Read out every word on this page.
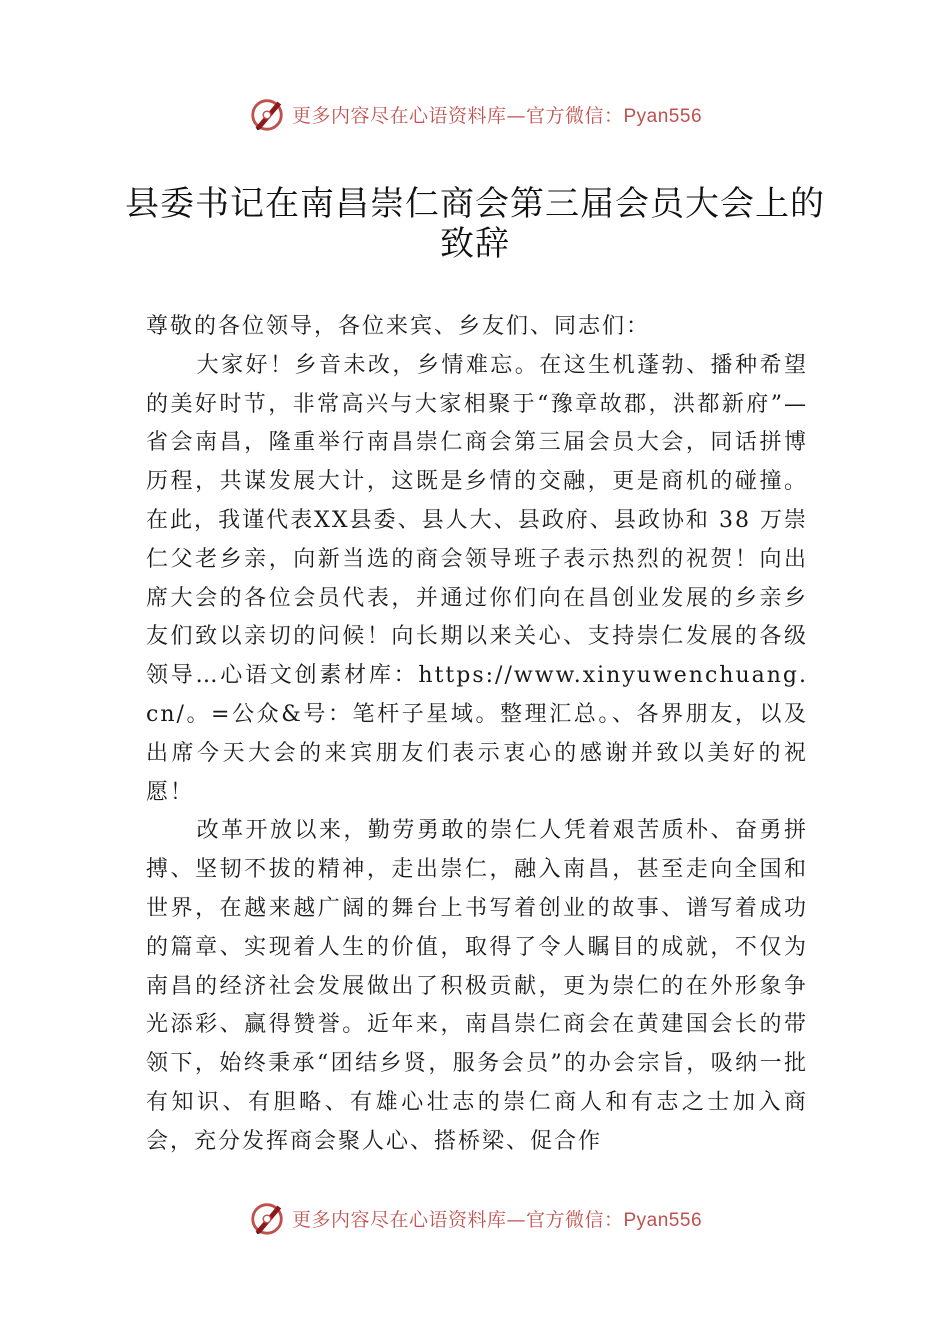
更多内容尽在心语资料库—官方微信：Pyan556
县委书记在南昌崇仁商会第三届会员大会上的致辞

尊敬的各位领导，各位来宾、乡友们、同志们：

大家好！乡音未改，乡情难忘。在这生机蓬勃、播种希望的美好时节，非常高兴与大家相聚于“豫章故郡，洪都新府”—省会南昌，隆重举行南昌崇仁商会第三届会员大会，同话拼博历程，共谋发展大计，这既是乡情的交融，更是商机的碰撞。在此，我谨代表XX县委、县人大、县政府、县政协和 38 万崇仁父老乡亲，向新当选的商会领导班子表示热烈的祝贺！向出席大会的各位会员代表，并通过你们向在昌创业发展的乡亲乡友们致以亲切的问候！向长期以来关心、支持崇仁发展的各级领导…心语文创素材库：https://www.xinyuwenchuang.cn/。=公众&号：笔杆子星域。整理汇总。、各界朋友，以及出席今天大会的来宾朋友们表示衷心的感谢并致以美好的祝愿！

改革开放以来，勤劳勇敢的崇仁人凭着艰苦质朴、奋勇拼搏、坚韧不拔的精神，走出崇仁，融入南昌，甚至走向全国和世界，在越来越广阔的舞台上书写着创业的故事、谱写着成功的篇章、实现着人生的价值，取得了令人瞩目的成就，不仅为南昌的经济社会发展做出了积极贡献，更为崇仁的在外形象争光添彩、赢得赞誉。近年来，南昌崇仁商会在黄建国会长的带领下，始终秉承“团结乡贤，服务会员”的办会宗旨，吸纳一批有知识、有胆略、有雄心壮志的崇仁商人和有志之士加入商会，充分发挥商会聚人心、搭桥梁、促合作

更多内容尽在心语资料库—官方微信：Pyan556
